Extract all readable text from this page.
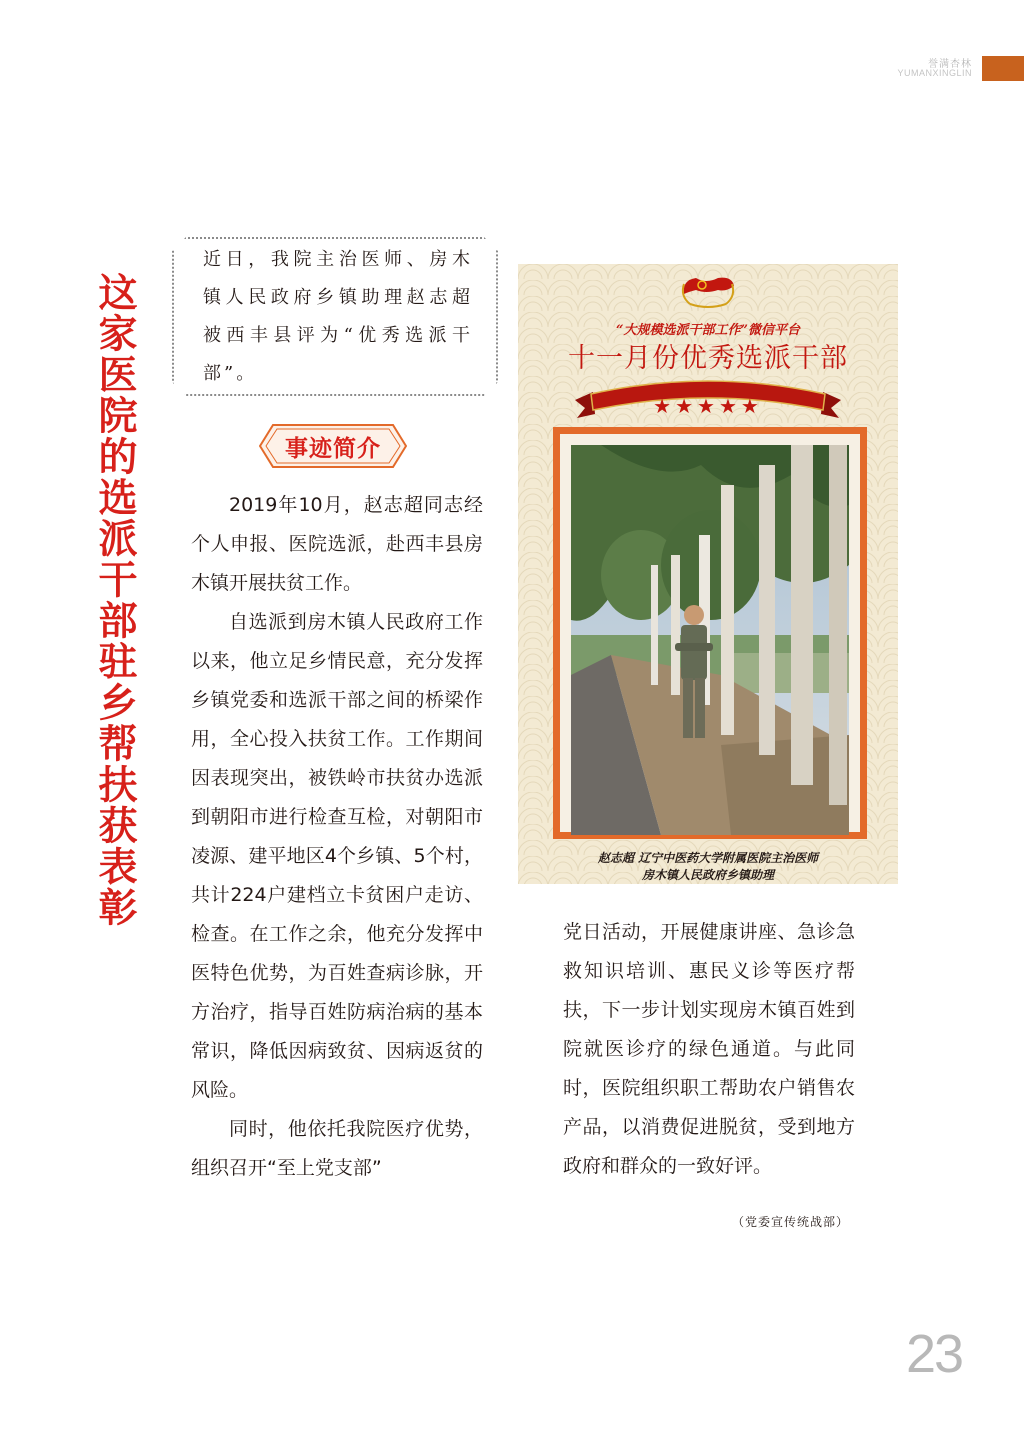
誉满杏林
YUMANXINGLIN
这家医院的选派干部驻乡帮扶获表彰
近日，我院主治医师、房木镇人民政府乡镇助理赵志超被西丰县评为“优秀选派干部”。
事迹简介

2019年10月，赵志超同志经个人申报、医院选派，赴西丰县房木镇开展扶贫工作。

自选派到房木镇人民政府工作以来，他立足乡情民意，充分发挥乡镇党委和选派干部之间的桥梁作用，全心投入扶贫工作。工作期间因表现突出，被铁岭市扶贫办选派到朝阳市进行检查互检，对朝阳市凌源、建平地区4个乡镇、5个村，共计224户建档立卡贫困户走访、检查。在工作之余，他充分发挥中医特色优势，为百姓查病诊脉，开方治疗，指导百姓防病治病的基本常识，降低因病致贫、因病返贫的风险。

同时，他依托我院医疗优势，组织召开“至上党支部”

党日活动，开展健康讲座、急诊急救知识培训、惠民义诊等医疗帮扶，下一步计划实现房木镇百姓到院就医诊疗的绿色通道。与此同时，医院组织职工帮助农户销售农产品，以消费促进脱贫，受到地方政府和群众的一致好评。

（党委宣传统战部）
“大规模选派干部工作”微信平台
十一月份优秀选派干部
★★★★★
赵志超 辽宁中医药大学附属医院主治医师
房木镇人民政府乡镇助理
23
